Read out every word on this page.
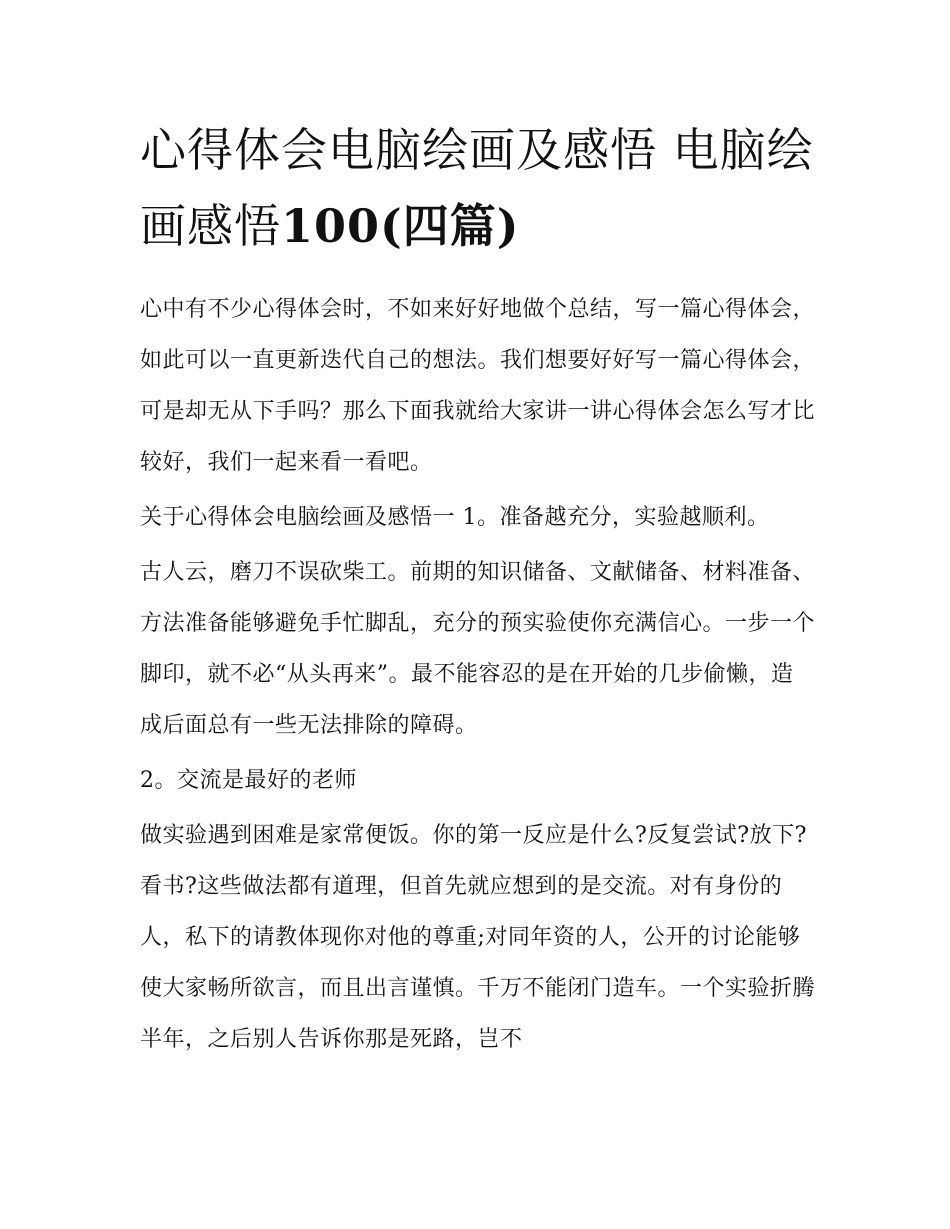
心得体会电脑绘画及感悟 电脑绘画感悟100(四篇)

心中有不少心得体会时，不如来好好地做个总结，写一篇心得体会，如此可以一直更新迭代自己的想法。我们想要好好写一篇心得体会，可是却无从下手吗？那么下面我就给大家讲一讲心得体会怎么写才比较好，我们一起来看一看吧。

关于心得体会电脑绘画及感悟一 1。准备越充分，实验越顺利。

古人云，磨刀不误砍柴工。前期的知识储备、文献储备、材料准备、方法准备能够避免手忙脚乱，充分的预实验使你充满信心。一步一个脚印，就不必“从头再来”。最不能容忍的是在开始的几步偷懒，造成后面总有一些无法排除的障碍。

2。交流是最好的老师

做实验遇到困难是家常便饭。你的第一反应是什么?反复尝试?放下?看书?这些做法都有道理，但首先就应想到的是交流。对有身份的人，私下的请教体现你对他的尊重;对同年资的人，公开的讨论能够使大家畅所欲言，而且出言谨慎。千万不能闭门造车。一个实验折腾半年，之后别人告诉你那是死路，岂不
